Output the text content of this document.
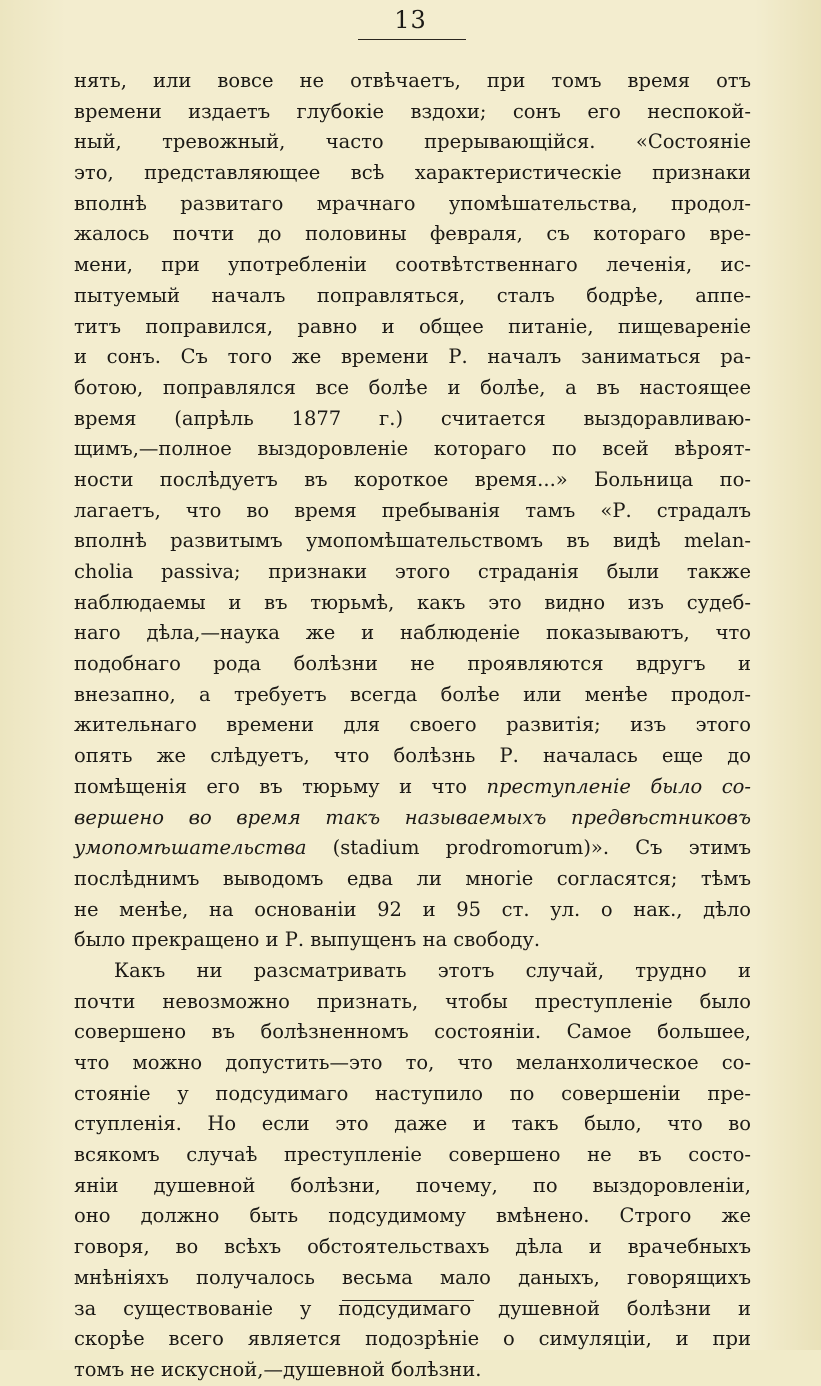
13
нять, или вовсе не отвѣчаетъ, при томъ время отъ
времени издаетъ глубокіе вздохи; сонъ его неспокой-
ный, тревожный, часто прерывающійся. «Состояніе
это, представляющее всѣ характеристическіе признаки
вполнѣ развитаго мрачнаго упомѣшательства, продол-
жалось почти до половины февраля, съ котораго вре-
мени, при употребленіи соотвѣтственнаго леченія, ис-
пытуемый началъ поправляться, сталъ бодрѣе, аппе-
титъ поправился, равно и общее питаніе, пищевареніе
и сонъ. Съ того же времени Р. началъ заниматься ра-
ботою, поправлялся все болѣе и болѣе, а въ настоящее
время (апрѣль 1877 г.) считается выздоравливаю-
щимъ,—полное выздоровленіе котораго по всей вѣроят-
ности послѣдуетъ въ короткое время...» Больница по-
лагаетъ, что во время пребыванія тамъ «Р. страдалъ
вполнѣ развитымъ умопомѣшательствомъ въ видѣ melan-
cholia passiva; признаки этого страданія были также
наблюдаемы и въ тюрьмѣ, какъ это видно изъ судеб-
наго дѣла,—наука же и наблюденіе показываютъ, что
подобнаго рода болѣзни не проявляются вдругъ и
внезапно, а требуетъ всегда болѣе или менѣе продол-
жительнаго времени для своего развитія; изъ этого
опять же слѣдуетъ, что болѣзнь Р. началась еще до
помѣщенія его въ тюрьму и что преступленіе было со-
вершено во время такъ называемыхъ предвѣстниковъ
умопомѣшательства (stadium prodromorum)». Съ этимъ
послѣднимъ выводомъ едва ли многіе согласятся; тѣмъ
не менѣе, на основаніи 92 и 95 ст. ул. о нак., дѣло
было прекращено и Р. выпущенъ на свободу.
Какъ ни разсматривать этотъ случай, трудно и
почти невозможно признать, чтобы преступленіе было
совершено въ болѣзненномъ состояніи. Самое большее,
что можно допустить—это то, что меланхолическое со-
стояніе у подсудимаго наступило по совершеніи пре-
ступленія. Но если это даже и такъ было, что во
всякомъ случаѣ преступленіе совершено не въ состо-
яніи душевной болѣзни, почему, по выздоровленіи,
оно должно быть подсудимому вмѣнено. Строго же
говоря, во всѣхъ обстоятельствахъ дѣла и врачебныхъ
мнѣніяхъ получалось весьма мало даныхъ, говорящихъ
за существованіе у подсудимаго душевной болѣзни и
скорѣе всего является подозрѣніе о симуляціи, и при
томъ не искусной,—душевной болѣзни.
